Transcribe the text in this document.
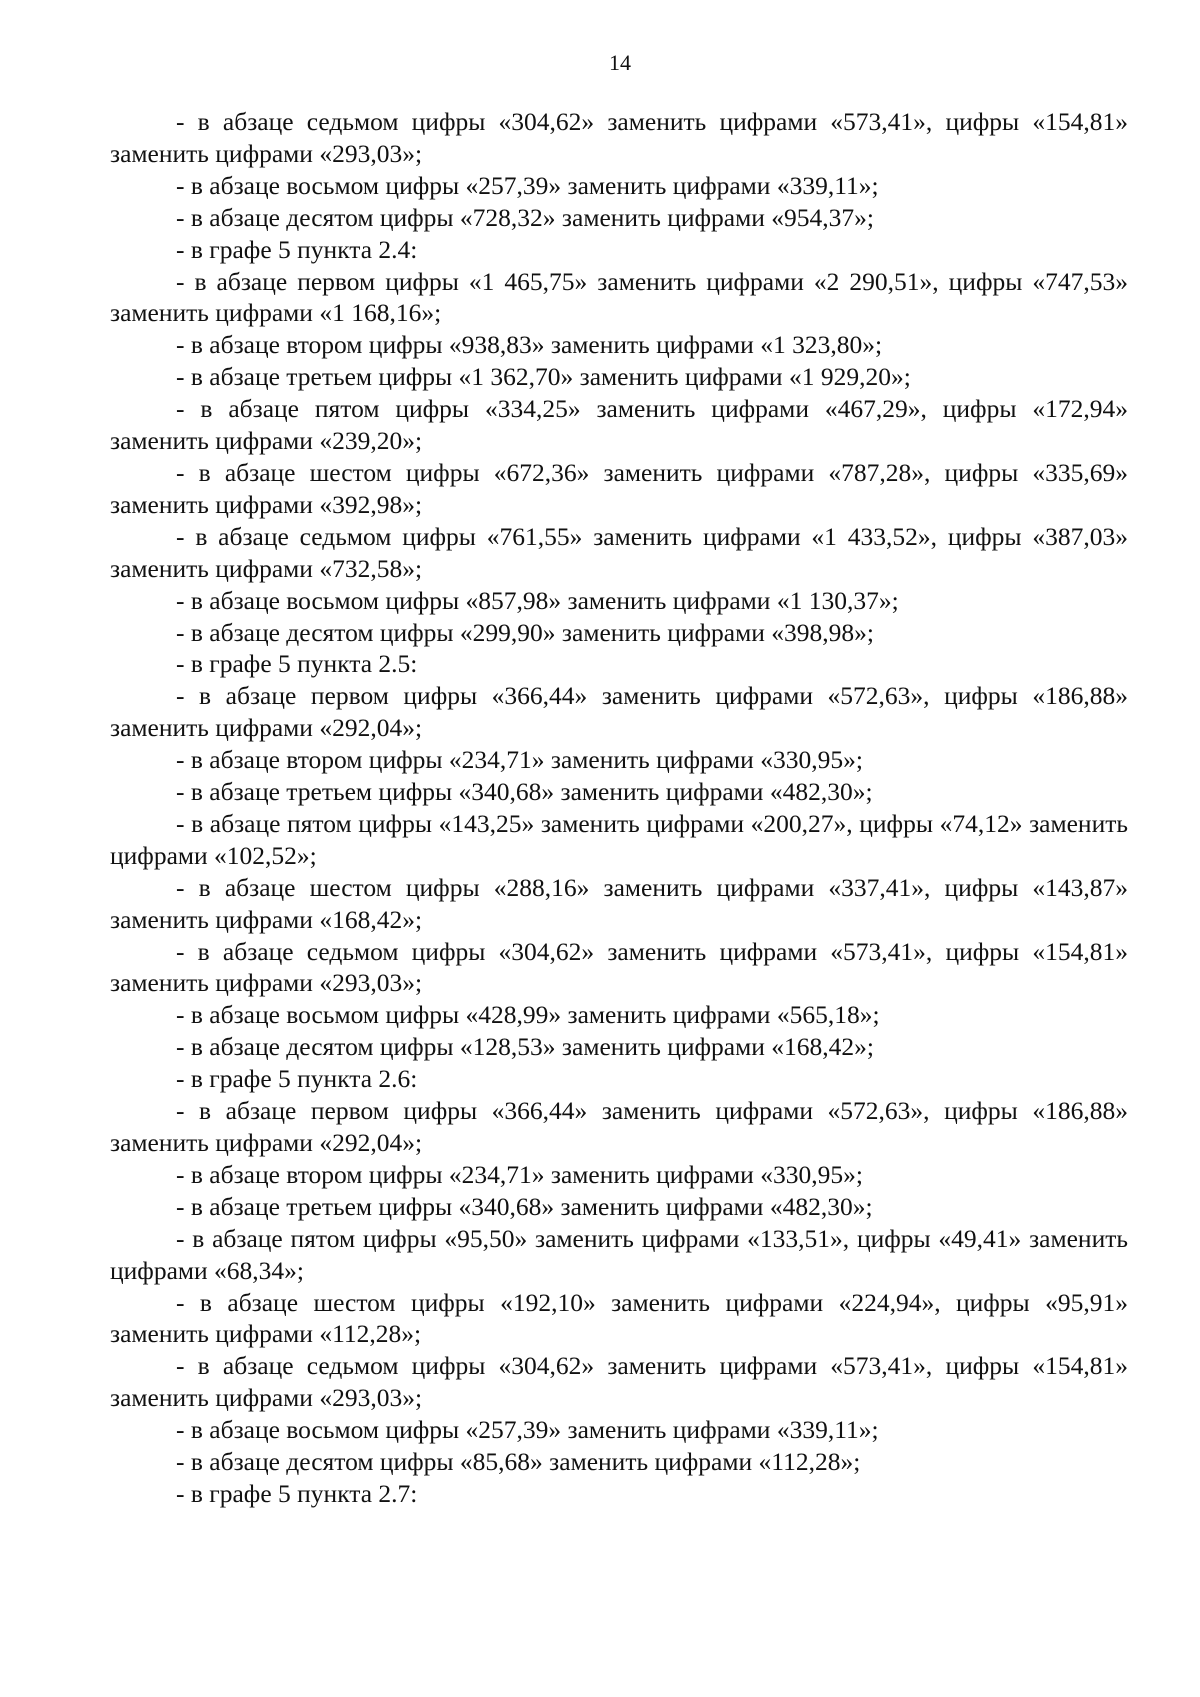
14

- в абзаце седьмом цифры «304,62» заменить цифрами «573,41», цифры «154,81» заменить цифрами «293,03»;

- в абзаце восьмом цифры «257,39» заменить цифрами «339,11»;

- в абзаце десятом цифры «728,32» заменить цифрами «954,37»;

- в графе 5 пункта 2.4:

- в абзаце первом цифры «1 465,75» заменить цифрами «2 290,51», цифры «747,53» заменить цифрами «1 168,16»;

- в абзаце втором цифры «938,83» заменить цифрами «1 323,80»;

- в абзаце третьем цифры «1 362,70» заменить цифрами «1 929,20»;

- в абзаце пятом цифры «334,25» заменить цифрами «467,29», цифры «172,94» заменить цифрами «239,20»;

- в абзаце шестом цифры «672,36» заменить цифрами «787,28», цифры «335,69» заменить цифрами «392,98»;

- в абзаце седьмом цифры «761,55» заменить цифрами «1 433,52», цифры «387,03» заменить цифрами «732,58»;

- в абзаце восьмом цифры «857,98» заменить цифрами «1 130,37»;

- в абзаце десятом цифры «299,90» заменить цифрами «398,98»;

- в графе 5 пункта 2.5:

- в абзаце первом цифры «366,44» заменить цифрами «572,63», цифры «186,88» заменить цифрами «292,04»;

- в абзаце втором цифры «234,71» заменить цифрами «330,95»;

- в абзаце третьем цифры «340,68» заменить цифрами «482,30»;

- в абзаце пятом цифры «143,25» заменить цифрами «200,27», цифры «74,12» заменить цифрами «102,52»;

- в абзаце шестом цифры «288,16» заменить цифрами «337,41», цифры «143,87» заменить цифрами «168,42»;

- в абзаце седьмом цифры «304,62» заменить цифрами «573,41», цифры «154,81» заменить цифрами «293,03»;

- в абзаце восьмом цифры «428,99» заменить цифрами «565,18»;

- в абзаце десятом цифры «128,53» заменить цифрами «168,42»;

- в графе 5 пункта 2.6:

- в абзаце первом цифры «366,44» заменить цифрами «572,63», цифры «186,88» заменить цифрами «292,04»;

- в абзаце втором цифры «234,71» заменить цифрами «330,95»;

- в абзаце третьем цифры «340,68» заменить цифрами «482,30»;

- в абзаце пятом цифры «95,50» заменить цифрами «133,51», цифры «49,41» заменить цифрами «68,34»;

- в абзаце шестом цифры «192,10» заменить цифрами «224,94», цифры «95,91» заменить цифрами «112,28»;

- в абзаце седьмом цифры «304,62» заменить цифрами «573,41», цифры «154,81» заменить цифрами «293,03»;

- в абзаце восьмом цифры «257,39» заменить цифрами «339,11»;

- в абзаце десятом цифры «85,68» заменить цифрами «112,28»;

- в графе 5 пункта 2.7:
